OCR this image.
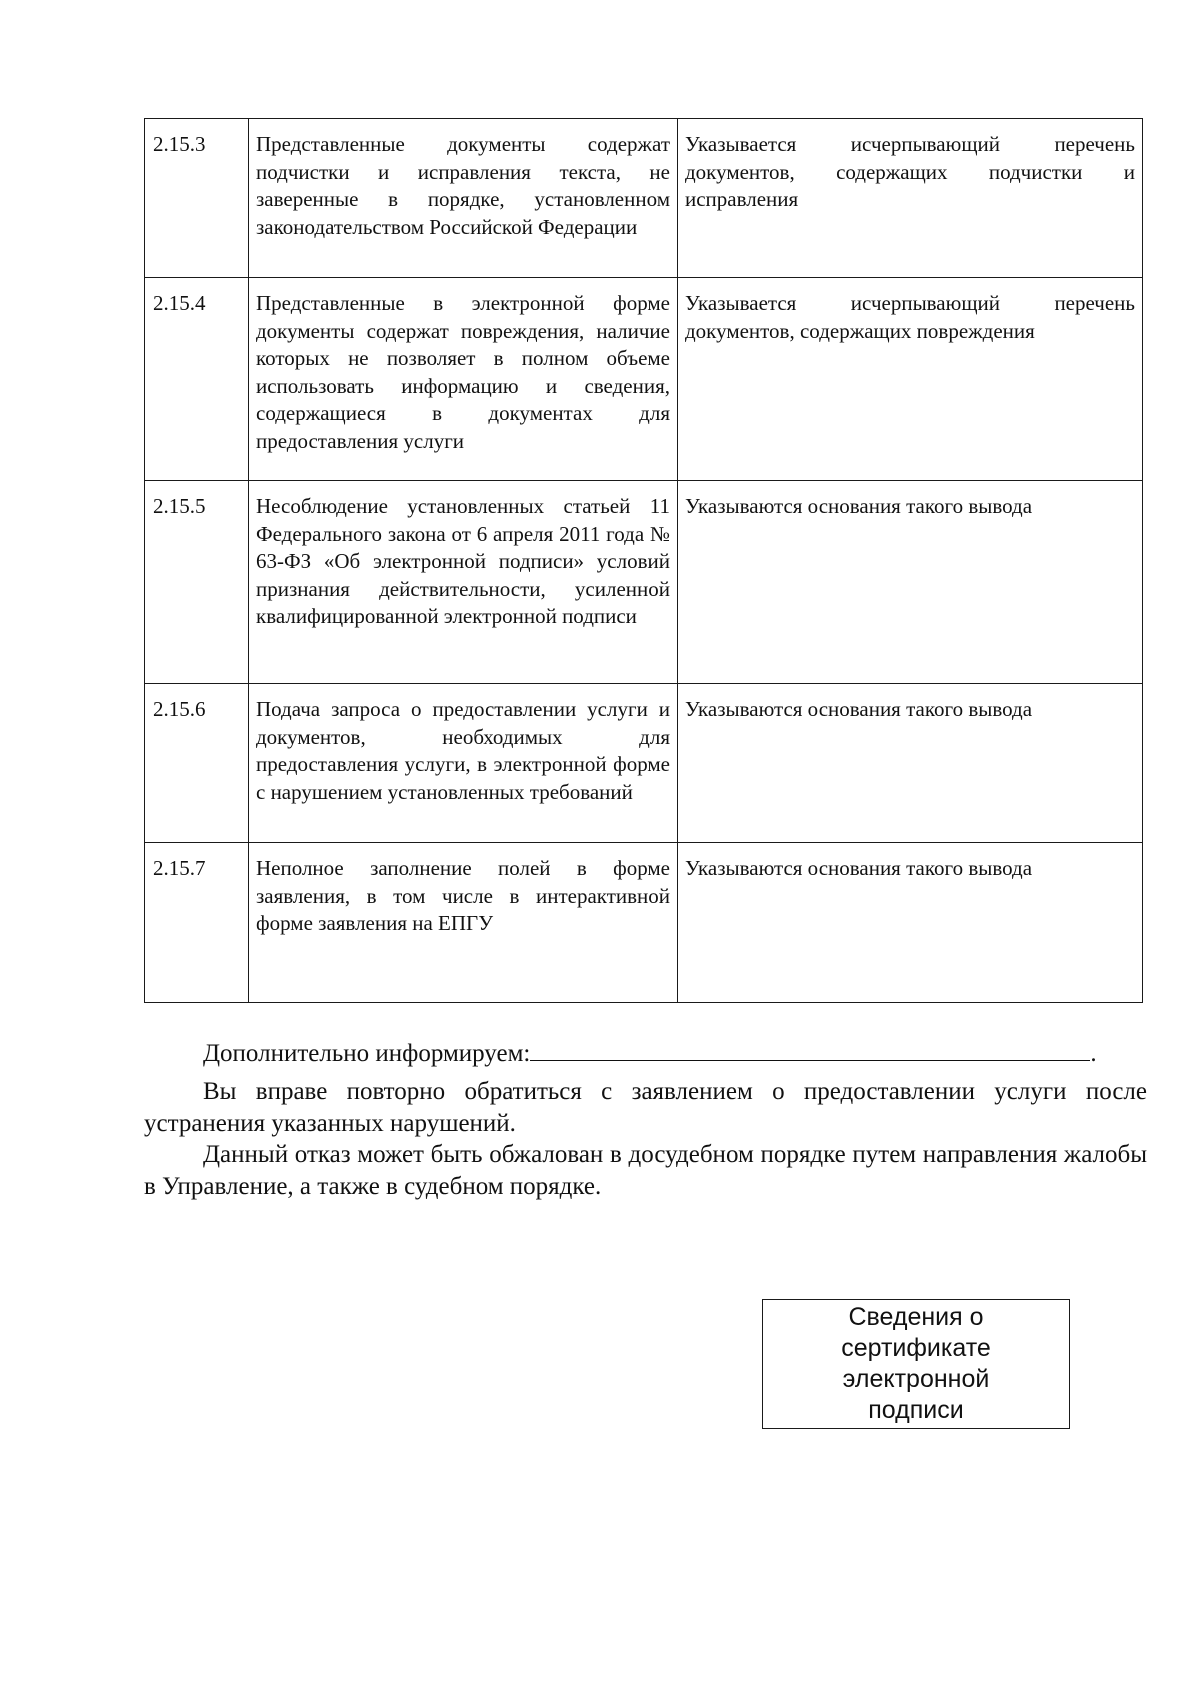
2.15.3	Представленные документы содержат подчистки и исправления текста, не заверенные в порядке, установленном законодательством Российской Федерации	Указывается исчерпывающий перечень документов, содержащих подчистки и исправления
2.15.4	Представленные в электронной форме документы содержат повреждения, наличие которых не позволяет в полном объеме использовать информацию и сведения, содержащиеся в документах для предоставления услуги	Указывается исчерпывающий перечень документов, содержащих повреждения
2.15.5	Несоблюдение установленных статьей 11 Федерального закона от 6 апреля 2011 года № 63-ФЗ «Об электронной подписи» условий признания действительности, усиленной квалифицированной электронной подписи	Указываются основания такого вывода
2.15.6	Подача запроса о предоставлении услуги и документов, необходимых для предоставления услуги, в электронной форме с нарушением установленных требований	Указываются основания такого вывода
2.15.7	Неполное заполнение полей в форме заявления, в том числе в интерактивной форме заявления на ЕПГУ	Указываются основания такого вывода
Дополнительно информируем:	.
Вы вправе повторно обратиться с заявлением о предоставлении услуги после устранения указанных нарушений.
Данный отказ может быть обжалован в досудебном порядке путем направления жалобы в Управление, а также в судебном порядке.
Сведения о сертификате электронной подписи
